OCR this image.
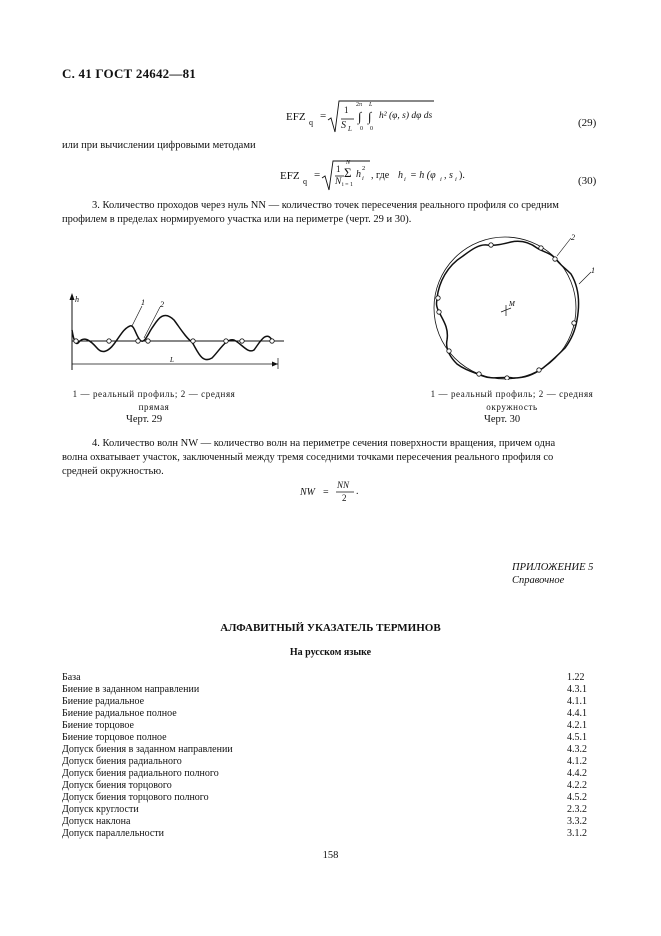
С. 41 ГОСТ 24642—81
EFZ q
= 1
S L
2π
∫
0
L
∫
0
h² (φ, s) dφ ds
(29)
или при вычислении цифровыми методами
EFZ q
= 1
N
N
Σ
i = 1
h i
2
, где h i = h (φ i , s i ).	(30)
3. Количество проходов через нуль NN — количество точек пересечения реального профиля со средним
профилем в пределах нормируемого участка или на периметре (черт. 29 и 30).
h	1 2
L
1 — реальный профиль; 2 — средняя
прямая
Черт. 29
M
2
1
1 — реальный профиль; 2 — средняя
окружность
Черт. 30
4. Количество волн NW — количество волн на периметре сечения поверхности вращения, причем одна
волна охватывает участок, заключенный между тремя соседними точками пересечения реального профиля со
средней окружностью.
NW =
NN
2
.
ПРИЛОЖЕНИЕ 5
Справочное
АЛФАВИТНЫЙ УКАЗАТЕЛЬ ТЕРМИНОВ
На русском языке
База	1.22
Биение в заданном направлении	4.3.1
Биение радиальное	4.1.1
Биение радиальное полное	4.4.1
Биение торцовое	4.2.1
Биение торцовое полное	4.5.1
Допуск биения в заданном направлении	4.3.2
Допуск биения радиального	4.1.2
Допуск биения радиального полного	4.4.2
Допуск биения торцового	4.2.2
Допуск биения торцового полного	4.5.2
Допуск круглости	2.3.2
Допуск наклона	3.3.2
Допуск параллельности	3.1.2
158
